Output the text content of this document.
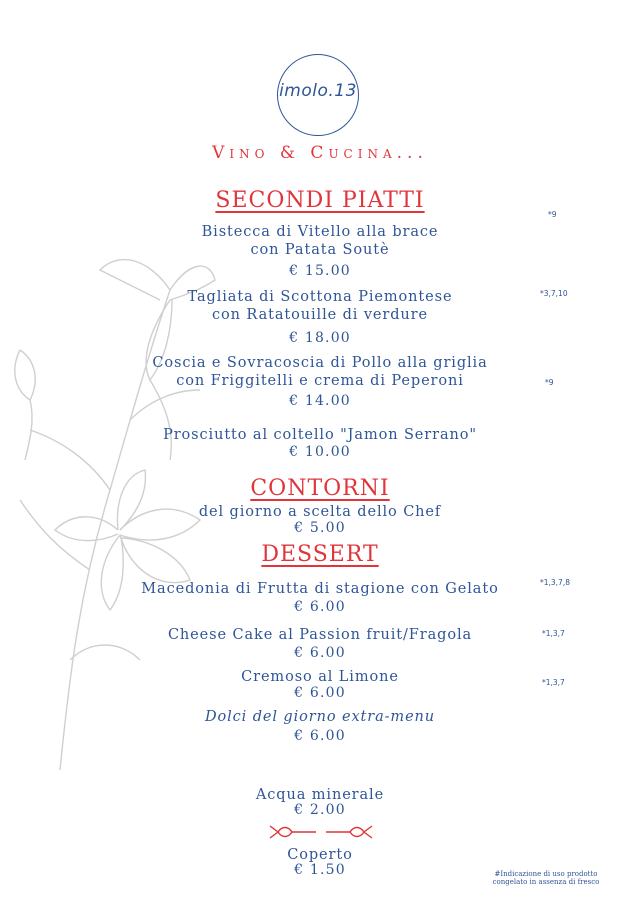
imolo.13
Vino & Cucina...
SECONDI PIATTI
Bistecca di Vitello alla brace
con Patata Soutè
€ 15.00
*9
Tagliata di Scottona Piemontese
con Ratatouille di verdure
€ 18.00
*3,7,10
Coscia e Sovracoscia di Pollo alla griglia
con Friggitelli e crema di Peperoni
€ 14.00
*9
Prosciutto al coltello "Jamon Serrano"
€ 10.00
CONTORNI
del giorno a scelta dello Chef
€ 5.00
DESSERT
Macedonia di Frutta di stagione con Gelato
€ 6.00
*1,3,7,8
Cheese Cake al Passion fruit/Fragola
€ 6.00
*1,3,7
Cremoso al Limone
€ 6.00
*1,3,7
Dolci del giorno extra-menu
€ 6.00
Acqua minerale
€ 2.00
Coperto
€ 1.50	#Indicazione di uso prodotto
congelato in assenza di fresco
